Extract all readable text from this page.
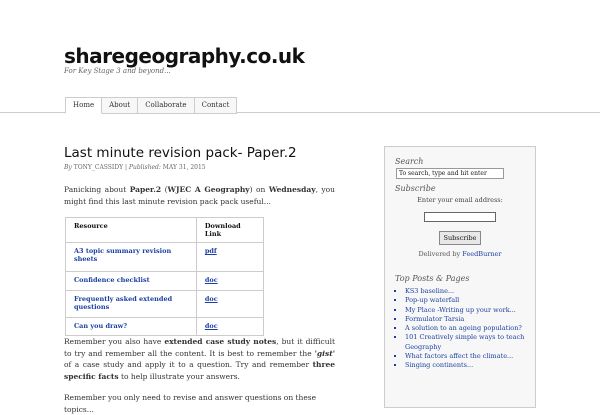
sharegeography.co.uk
For Key Stage 3 and beyond...
Home	About	Collaborate	Contact
Last minute revision pack- Paper.2
By TONY_CASSIDY | Published: MAY 31, 2015
Panicking about Paper.2 (WJEC A Geography) on Wednesday, you might find this last minute revision pack pack useful...
Resource	Download Link
A3 topic summary revision sheets	pdf
Confidence checklist	doc
Frequently asked extended questions	doc
Can you draw?	doc
Remember you also have extended case study notes, but it difficult to try and remember all the content. It is best to remember the 'gist' of a case study and apply it to a question. Try and remember three specific facts to help illustrate your answers.
Remember you only need to revise and answer questions on these topics...
Search
To search, type and hit enter
Subscribe
Enter your email address:
Subscribe
Delivered by FeedBurner
Top Posts & Pages
▪ KS3 baseline...
▪ Pop-up waterfall
▪ My Place -Writing up your work...
▪ Formulator Tarsia
▪ A solution to an ageing population?
▪ 101 Creatively simple ways to teach Geography
▪ What factors affect the climate...
▪ Singing continents...
